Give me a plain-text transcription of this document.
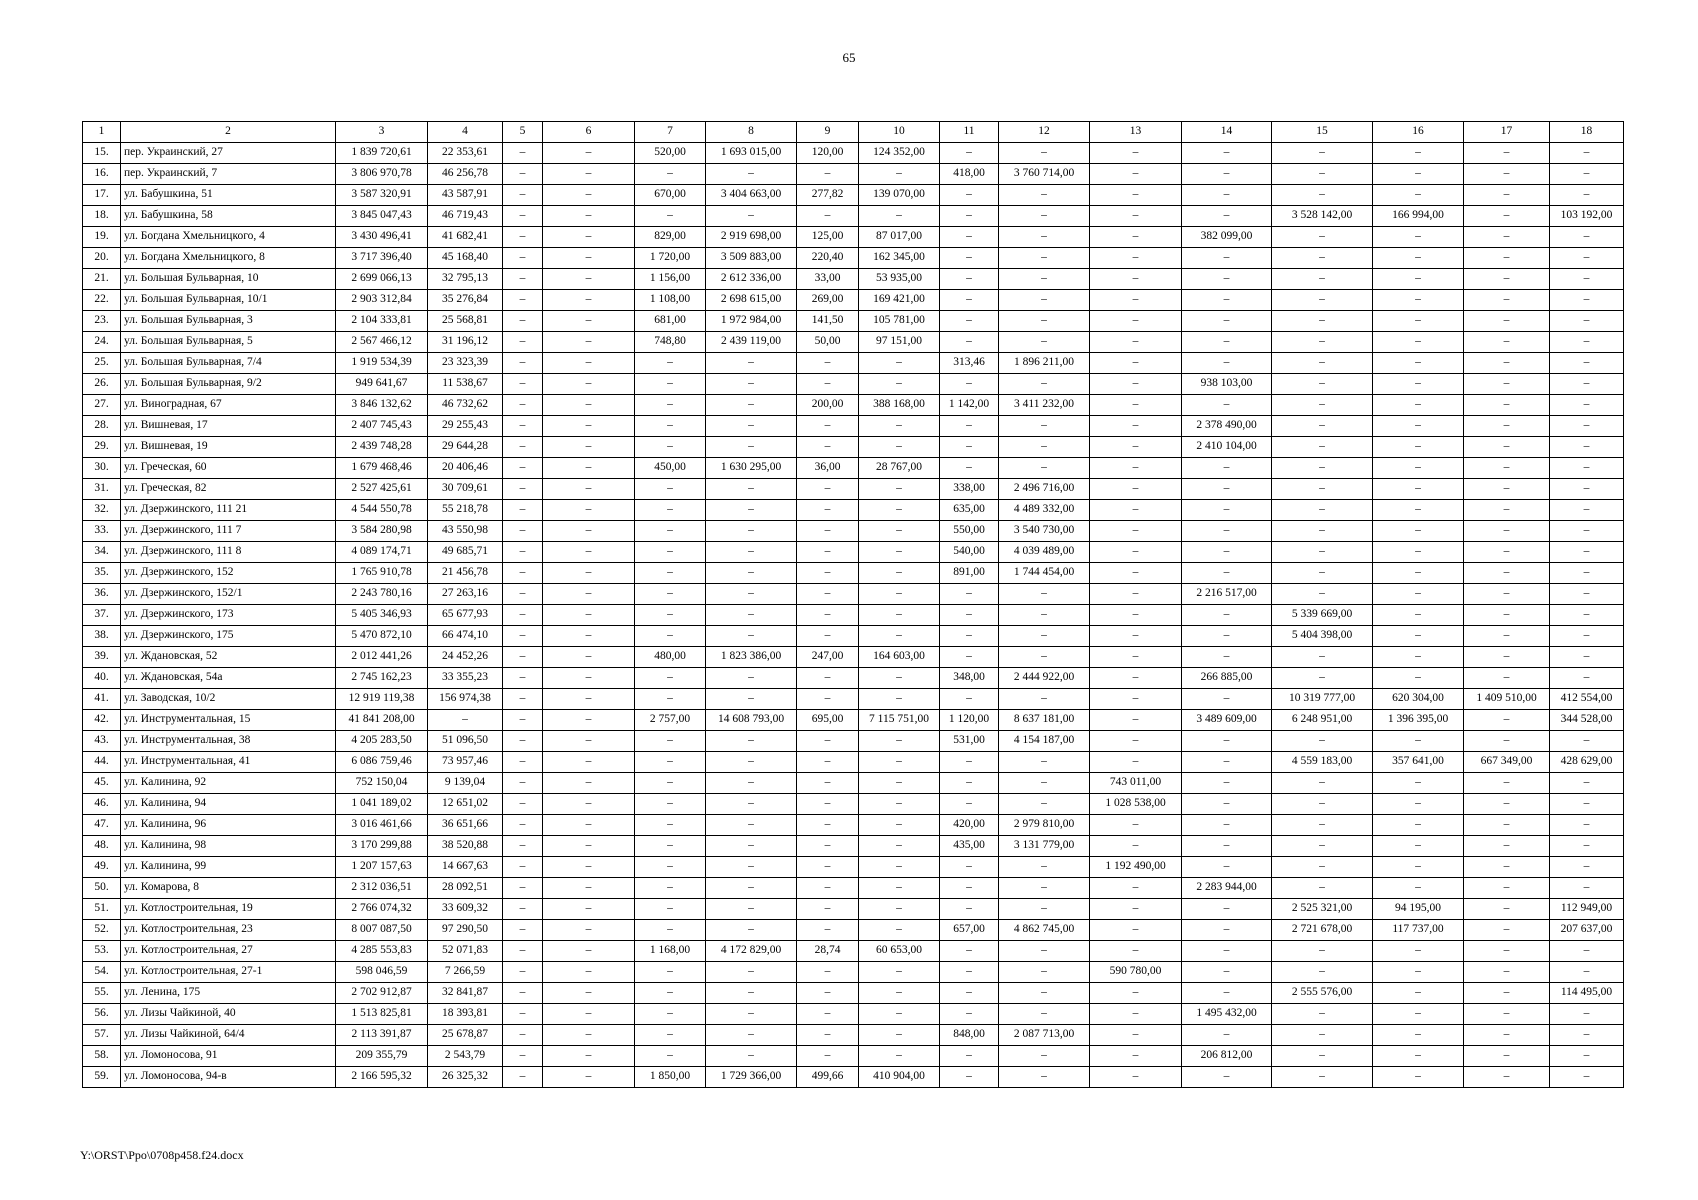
65
1	2	3	4	5	6	7	8	9	10	11	12	13	14	15	16	17	18
15.	пер. Украинский, 27	1 839 720,61	22 353,61	–	–	520,00	1 693 015,00	120,00	124 352,00	–	–	–	–	–	–	–	–
16.	пер. Украинский, 7	3 806 970,78	46 256,78	–	–	–	–	–	–	418,00	3 760 714,00	–	–	–	–	–	–
17.	ул. Бабушкина, 51	3 587 320,91	43 587,91	–	–	670,00	3 404 663,00	277,82	139 070,00	–	–	–	–	–	–	–	–
18.	ул. Бабушкина, 58	3 845 047,43	46 719,43	–	–	–	–	–	–	–	–	–	–	3 528 142,00	166 994,00	–	103 192,00
19.	ул. Богдана Хмельницкого, 4	3 430 496,41	41 682,41	–	–	829,00	2 919 698,00	125,00	87 017,00	–	–	–	382 099,00	–	–	–	–
20.	ул. Богдана Хмельницкого, 8	3 717 396,40	45 168,40	–	–	1 720,00	3 509 883,00	220,40	162 345,00	–	–	–	–	–	–	–	–
21.	ул. Большая Бульварная, 10	2 699 066,13	32 795,13	–	–	1 156,00	2 612 336,00	33,00	53 935,00	–	–	–	–	–	–	–	–
22.	ул. Большая Бульварная, 10/1	2 903 312,84	35 276,84	–	–	1 108,00	2 698 615,00	269,00	169 421,00	–	–	–	–	–	–	–	–
23.	ул. Большая Бульварная, 3	2 104 333,81	25 568,81	–	–	681,00	1 972 984,00	141,50	105 781,00	–	–	–	–	–	–	–	–
24.	ул. Большая Бульварная, 5	2 567 466,12	31 196,12	–	–	748,80	2 439 119,00	50,00	97 151,00	–	–	–	–	–	–	–	–
25.	ул. Большая Бульварная, 7/4	1 919 534,39	23 323,39	–	–	–	–	–	–	313,46	1 896 211,00	–	–	–	–	–	–
26.	ул. Большая Бульварная, 9/2	949 641,67	11 538,67	–	–	–	–	–	–	–	–	–	938 103,00	–	–	–	–
27.	ул. Виноградная, 67	3 846 132,62	46 732,62	–	–	–	–	200,00	388 168,00	1 142,00	3 411 232,00	–	–	–	–	–	–
28.	ул. Вишневая, 17	2 407 745,43	29 255,43	–	–	–	–	–	–	–	–	–	2 378 490,00	–	–	–	–
29.	ул. Вишневая, 19	2 439 748,28	29 644,28	–	–	–	–	–	–	–	–	–	2 410 104,00	–	–	–	–
30.	ул. Греческая, 60	1 679 468,46	20 406,46	–	–	450,00	1 630 295,00	36,00	28 767,00	–	–	–	–	–	–	–	–
31.	ул. Греческая, 82	2 527 425,61	30 709,61	–	–	–	–	–	–	338,00	2 496 716,00	–	–	–	–	–	–
32.	ул. Дзержинского, 111 21	4 544 550,78	55 218,78	–	–	–	–	–	–	635,00	4 489 332,00	–	–	–	–	–	–
33.	ул. Дзержинского, 111 7	3 584 280,98	43 550,98	–	–	–	–	–	–	550,00	3 540 730,00	–	–	–	–	–	–
34.	ул. Дзержинского, 111 8	4 089 174,71	49 685,71	–	–	–	–	–	–	540,00	4 039 489,00	–	–	–	–	–	–
35.	ул. Дзержинского, 152	1 765 910,78	21 456,78	–	–	–	–	–	–	891,00	1 744 454,00	–	–	–	–	–	–
36.	ул. Дзержинского, 152/1	2 243 780,16	27 263,16	–	–	–	–	–	–	–	–	–	2 216 517,00	–	–	–	–
37.	ул. Дзержинского, 173	5 405 346,93	65 677,93	–	–	–	–	–	–	–	–	–	–	5 339 669,00	–	–	–
38.	ул. Дзержинского, 175	5 470 872,10	66 474,10	–	–	–	–	–	–	–	–	–	–	5 404 398,00	–	–	–
39.	ул. Ждановская, 52	2 012 441,26	24 452,26	–	–	480,00	1 823 386,00	247,00	164 603,00	–	–	–	–	–	–	–	–
40.	ул. Ждановская, 54а	2 745 162,23	33 355,23	–	–	–	–	–	–	348,00	2 444 922,00	–	266 885,00	–	–	–	–
41.	ул. Заводская, 10/2	12 919 119,38	156 974,38	–	–	–	–	–	–	–	–	–	–	10 319 777,00	620 304,00	1 409 510,00	412 554,00
42.	ул. Инструментальная, 15	41 841 208,00	–	–	–	2 757,00	14 608 793,00	695,00	7 115 751,00	1 120,00	8 637 181,00	–	3 489 609,00	6 248 951,00	1 396 395,00	–	344 528,00
43.	ул. Инструментальная, 38	4 205 283,50	51 096,50	–	–	–	–	–	–	531,00	4 154 187,00	–	–	–	–	–	–
44.	ул. Инструментальная, 41	6 086 759,46	73 957,46	–	–	–	–	–	–	–	–	–	–	4 559 183,00	357 641,00	667 349,00	428 629,00
45.	ул. Калинина, 92	752 150,04	9 139,04	–	–	–	–	–	–	–	–	743 011,00	–	–	–	–	–
46.	ул. Калинина, 94	1 041 189,02	12 651,02	–	–	–	–	–	–	–	–	1 028 538,00	–	–	–	–	–
47.	ул. Калинина, 96	3 016 461,66	36 651,66	–	–	–	–	–	–	420,00	2 979 810,00	–	–	–	–	–	–
48.	ул. Калинина, 98	3 170 299,88	38 520,88	–	–	–	–	–	–	435,00	3 131 779,00	–	–	–	–	–	–
49.	ул. Калинина, 99	1 207 157,63	14 667,63	–	–	–	–	–	–	–	–	1 192 490,00	–	–	–	–	–
50.	ул. Комарова, 8	2 312 036,51	28 092,51	–	–	–	–	–	–	–	–	–	2 283 944,00	–	–	–	–
51.	ул. Котлостроительная, 19	2 766 074,32	33 609,32	–	–	–	–	–	–	–	–	–	–	2 525 321,00	94 195,00	–	112 949,00
52.	ул. Котлостроительная, 23	8 007 087,50	97 290,50	–	–	–	–	–	–	657,00	4 862 745,00	–	–	2 721 678,00	117 737,00	–	207 637,00
53.	ул. Котлостроительная, 27	4 285 553,83	52 071,83	–	–	1 168,00	4 172 829,00	28,74	60 653,00	–	–	–	–	–	–	–	–
54.	ул. Котлостроительная, 27-1	598 046,59	7 266,59	–	–	–	–	–	–	–	–	590 780,00	–	–	–	–	–
55.	ул. Ленина, 175	2 702 912,87	32 841,87	–	–	–	–	–	–	–	–	–	–	2 555 576,00	–	–	114 495,00
56.	ул. Лизы Чайкиной, 40	1 513 825,81	18 393,81	–	–	–	–	–	–	–	–	–	1 495 432,00	–	–	–	–
57.	ул. Лизы Чайкиной, 64/4	2 113 391,87	25 678,87	–	–	–	–	–	–	848,00	2 087 713,00	–	–	–	–	–	–
58.	ул. Ломоносова, 91	209 355,79	2 543,79	–	–	–	–	–	–	–	–	–	206 812,00	–	–	–	–
59.	ул. Ломоносова, 94-в	2 166 595,32	26 325,32	–	–	1 850,00	1 729 366,00	499,66	410 904,00	–	–	–	–	–	–	–	–
Y:\ORST\Ppo\0708p458.f24.docx
